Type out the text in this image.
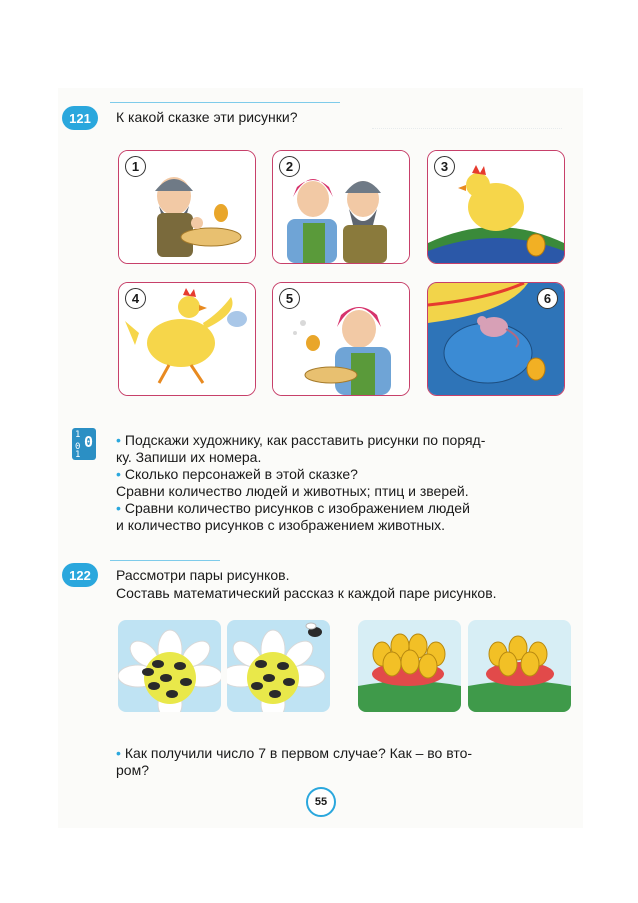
121	К какой сказке эти рисунки?
1	2	3
4	5	6
1 0
0
1
• Подскажи художнику, как расставить рисунки по поряд-
ку. Запиши их номера.
• Сколько персонажей в этой сказке?
Сравни количество людей и животных; птиц и зверей.
• Сравни количество рисунков с изображением людей
и количество рисунков с изображением животных.
122	Рассмотри пары рисунков.
Составь математический рассказ к каждой паре рисунков.
• Как получили число 7 в первом случае? Как – во вто-
ром?
55
